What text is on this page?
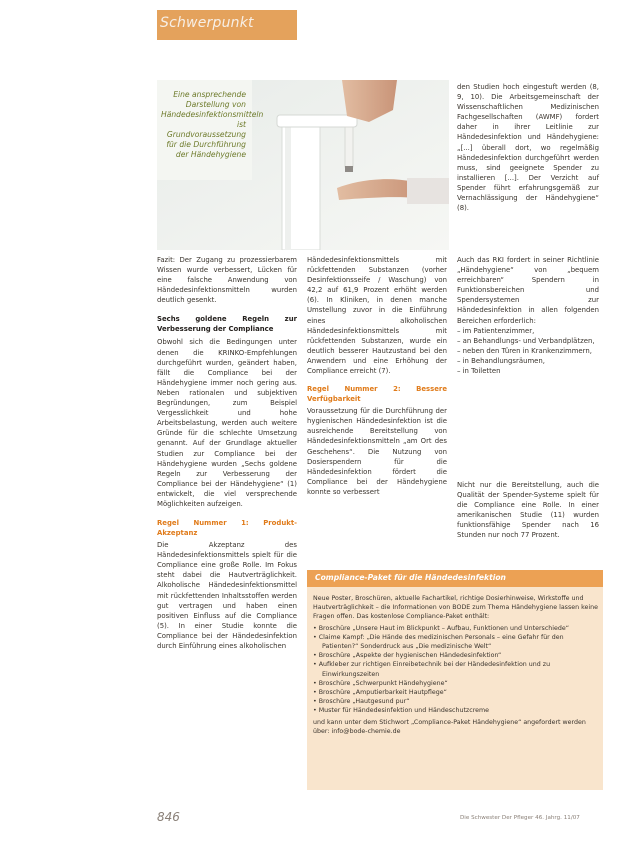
Schwerpunkt
Eine ansprechende Darstellung von Händedesinfektionsmitteln ist Grundvoraussetzung für die Durchführung der Händehygiene

Fazit: Der Zugang zu prozessierbarem Wissen wurde verbessert, Lücken für eine falsche Anwendung von Händedesinfektionsmitteln wurden deutlich gesenkt.

Sechs goldene Regeln zur Verbesserung der Compliance

Obwohl sich die Bedingungen unter denen die KRINKO-Empfehlungen durchgeführt wurden, geändert haben, fällt die Compliance bei der Händehygiene immer noch gering aus. Neben rationalen und subjektiven Begründungen, zum Beispiel Vergesslichkeit und hohe Arbeitsbelastung, werden auch weitere Gründe für die schlechte Umsetzung genannt. Auf der Grundlage aktueller Studien zur Compliance bei der Händehygiene wurden „Sechs goldene Regeln zur Verbesserung der Compliance bei der Händehygiene“ (1) entwickelt, die viel versprechende Möglichkeiten aufzeigen.

Regel Nummer 1: Produkt-Akzeptanz

Die Akzeptanz des Händedesinfektionsmittels spielt für die Compliance eine große Rolle. Im Fokus steht dabei die Hautverträglichkeit. Alkoholische Händedesinfektionsmittel mit rückfettenden Inhaltsstoffen werden gut vertragen und haben einen positiven Einfluss auf die Compliance (5). In einer Studie konnte die Compliance bei der Händedesinfektion durch Einführung eines alkoholischen

Händedesinfektionsmittels mit rückfettenden Substanzen (vorher Desinfektionsseife / Waschung) von 42,2 auf 61,9 Prozent erhöht werden (6). In Kliniken, in denen manche Umstellung zuvor in die Einführung eines alkoholischen Händedesinfektionsmittels mit rückfettenden Substanzen, wurde ein deutlich besserer Hautzustand bei den Anwendern und eine Erhöhung der Compliance erreicht (7).

Regel Nummer 2: Bessere Verfügbarkeit

Voraussetzung für die Durchführung der hygienischen Händedesinfektion ist die ausreichende Bereitstellung von Händedesinfektionsmitteln „am Ort des Geschehens“. Die Nutzung von Dosierspendern für die Händedesinfektion fördert die Compliance bei der Händehygiene konnte so verbessert

den Studien hoch eingestuft werden (8, 9, 10). Die Arbeitsgemeinschaft der Wissenschaftlichen Medizinischen Fachgesellschaften (AWMF) fordert daher in ihrer Leitlinie zur Händedesinfektion und Händehygiene: „[...] überall dort, wo regelmäßig Händedesinfektion durchgeführt werden muss, sind geeignete Spender zu installieren [...]. Der Verzicht auf Spender führt erfahrungsgemäß zur Vernachlässigung der Händehygiene“ (8).

Auch das RKI fordert in seiner Richtlinie „Händehygiene“ von „bequem erreichbaren“ Spendern in Funktionsbereichen und Spendersystemen zur Händedesinfektion in allen folgenden Bereichen erforderlich:

– im Patientenzimmer,
– an Behandlungs- und Verbandplätzen,
– neben den Türen in Krankenzimmern,
– in Behandlungsräumen,
– in Toiletten

Nicht nur die Bereitstellung, auch die Qualität der Spender-Systeme spielt für die Compliance eine Rolle. In einer amerikanischen Studie (11) wurden funktionsfähige Spender nach 16 Stunden nur noch 77 Prozent.

Compliance-Paket für die Händedesinfektion
Neue Poster, Broschüren, aktuelle Fachartikel, richtige Dosierhinweise, Wirkstoffe und Hautverträglichkeit – die Informationen von BODE zum Thema Händehygiene lassen keine Fragen offen. Das kostenlose Compliance-Paket enthält:
• Broschüre „Unsere Haut im Blickpunkt – Aufbau, Funktionen und Unterschiede“
• Claime Kampf: „Die Hände des medizinischen Personals – eine Gefahr für den Patienten?“ Sonderdruck aus „Die medizinische Welt“
• Broschüre „Aspekte der hygienischen Händedesinfektion“
• Aufkleber zur richtigen Einreibetechnik bei der Händedesinfektion und zu Einwirkungszeiten
• Broschüre „Schwerpunkt Händehygiene“
• Broschüre „Amputierbarkeit Hautpflege“
• Broschüre „Hautgesund pur“
• Muster für Händedesinfektion und Händeschutzcreme
und kann unter dem Stichwort „Compliance-Paket Händehygiene“ angefordert werden über: info@bode-chemie.de
846	Die Schwester Der Pfleger 46. Jahrg. 11/07
